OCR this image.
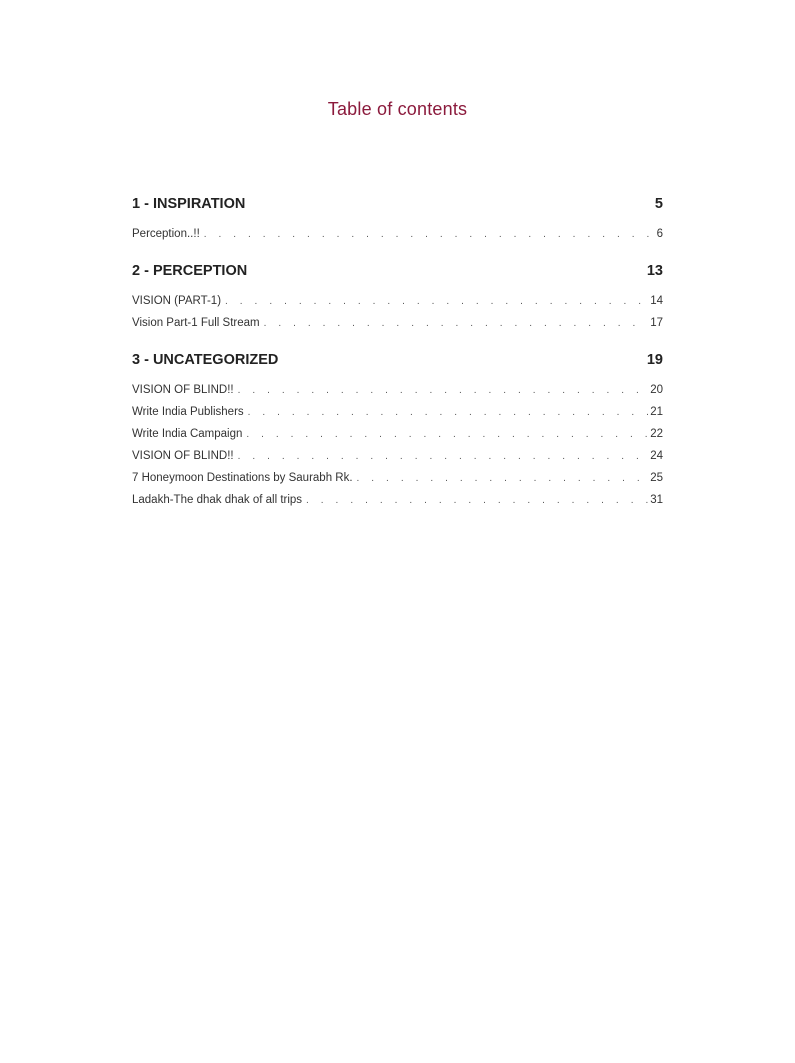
Table of contents
1 - INSPIRATION	5
Perception..!! . . .	6
2 - PERCEPTION	13
VISION (PART-1) . . .	14
Vision Part-1 Full Stream . . .	17
3 - UNCATEGORIZED	19
VISION OF BLIND!! . . .	20
Write India Publishers . . .	21
Write India Campaign . . .	22
VISION OF BLIND!! . . .	24
7 Honeymoon Destinations by Saurabh Rk. . . .	25
Ladakh-The dhak dhak of all trips . . .	31
